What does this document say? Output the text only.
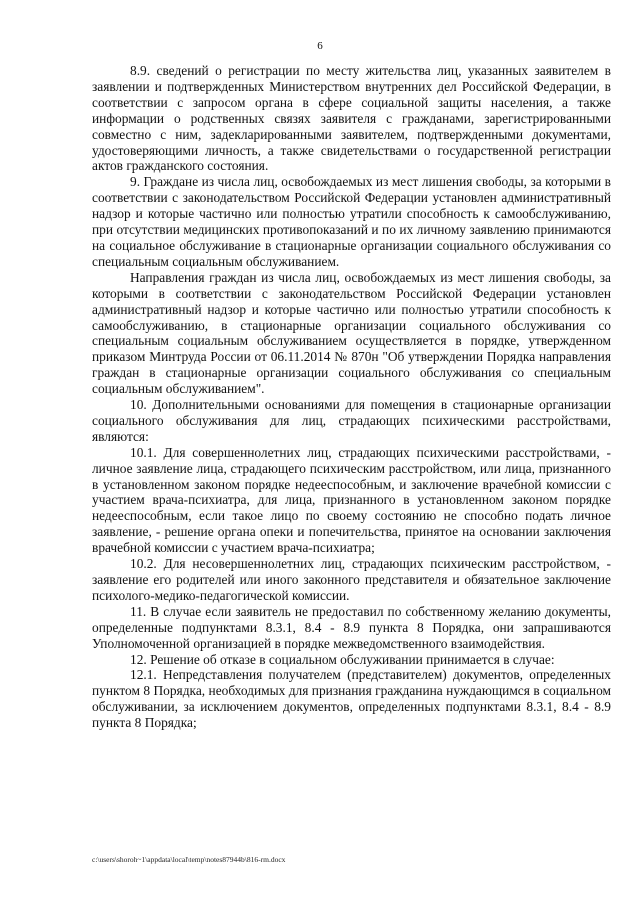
6

8.9. сведений о регистрации по месту жительства лиц, указанных заявителем в заявлении и подтвержденных Министерством внутренних дел Российской Федерации, в соответствии с запросом органа в сфере социальной защиты населения, а также информации о родственных связях заявителя с гражданами, зарегистрированными совместно с ним, задекларированными заявителем, подтвержденными документами, удостоверяющими личность, а также свидетельствами о государственной регистрации актов гражданского состояния.

9. Граждане из числа лиц, освобождаемых из мест лишения свободы, за которыми в соответствии с законодательством Российской Федерации установлен административный надзор и которые частично или полностью утратили способность к самообслуживанию, при отсутствии медицинских противопоказаний и по их личному заявлению принимаются на социальное обслуживание в стационарные организации социального обслуживания со специальным социальным обслуживанием.

Направления граждан из числа лиц, освобождаемых из мест лишения свободы, за которыми в соответствии с законодательством Российской Федерации установлен административный надзор и которые частично или полностью утратили способность к самообслуживанию, в стационарные организации социального обслуживания со специальным социальным обслуживанием осуществляется в порядке, утвержденном приказом Минтруда России от 06.11.2014 № 870н "Об утверждении Порядка направления граждан в стационарные организации социального обслуживания со специальным социальным обслуживанием".

10. Дополнительными основаниями для помещения в стационарные организации социального обслуживания для лиц, страдающих психическими расстройствами, являются:

10.1. Для совершеннолетних лиц, страдающих психическими расстройствами, - личное заявление лица, страдающего психическим расстройством, или лица, признанного в установленном законом порядке недееспособным, и заключение врачебной комиссии с участием врача-психиатра, для лица, признанного в установленном законом порядке недееспособным, если такое лицо по своему состоянию не способно подать личное заявление, - решение органа опеки и попечительства, принятое на основании заключения врачебной комиссии с участием врача-психиатра;

10.2. Для несовершеннолетних лиц, страдающих психическим расстройством, - заявление его родителей или иного законного представителя и обязательное заключение психолого-медико-педагогической комиссии.

11. В случае если заявитель не предоставил по собственному желанию документы, определенные подпунктами 8.3.1, 8.4 - 8.9 пункта 8 Порядка, они запрашиваются Уполномоченной организацией в порядке межведомственного взаимодействия.

12. Решение об отказе в социальном обслуживании принимается в случае:

12.1. Непредставления получателем (представителем) документов, определенных пунктом 8 Порядка, необходимых для признания гражданина нуждающимся в социальном обслуживании, за исключением документов, определенных подпунктами 8.3.1, 8.4 - 8.9 пункта 8 Порядка;

c:\users\shoroh~1\appdata\local\temp\notes87944b\816-rm.docx
